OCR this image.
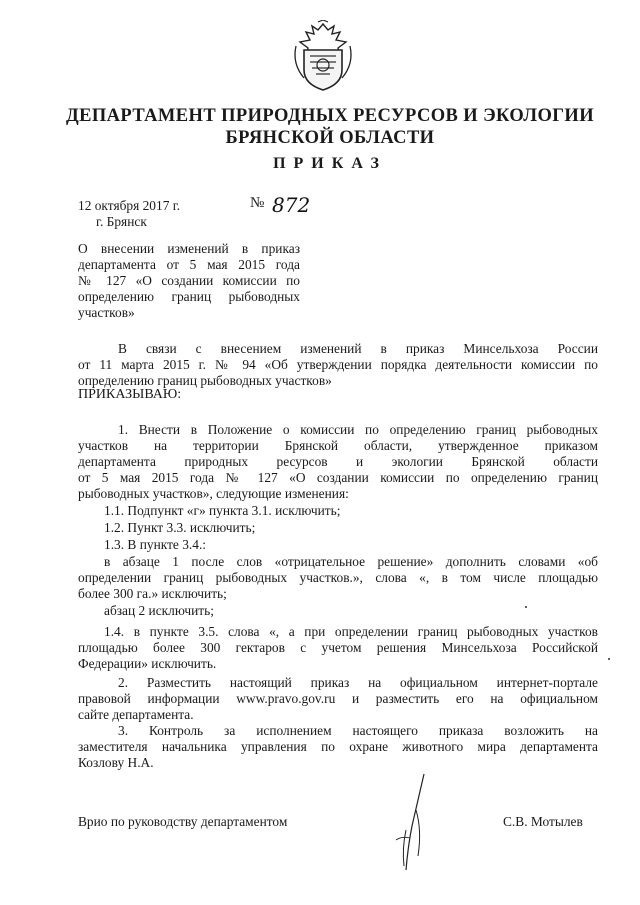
ДЕПАРТАМЕНТ ПРИРОДНЫХ РЕСУРСОВ И ЭКОЛОГИИ
БРЯНСКОЙ ОБЛАСТИ
ПРИКАЗ
12 октября 2017 г.	№ 872
г. Брянск
О внесении изменений в приказ
департамента от 5 мая 2015 года
№ 127 «О создании комиссии по
определению границ рыбоводных
участков»
В связи с внесением изменений в приказ Минсельхоза России
от 11 марта 2015 г. № 94 «Об утверждении порядка деятельности комиссии по
определению границ рыбоводных участков»
ПРИКАЗЫВАЮ:
1. Внести в Положение о комиссии по определению границ рыбоводных
участков на территории Брянской области, утвержденное приказом
департамента природных ресурсов и экологии Брянской области
от 5 мая 2015 года № 127 «О создании комиссии по определению границ
рыбоводных участков», следующие изменения:
1.1. Подпункт «г» пункта 3.1. исключить;
1.2. Пункт 3.3. исключить;
1.3. В пункте 3.4.:
в абзаце 1 после слов «отрицательное решение» дополнить словами «об
определении границ рыбоводных участков.», слова «, в том числе площадью
более 300 га.» исключить;
абзац 2 исключить;
1.4. в пункте 3.5. слова «, а при определении границ рыбоводных участков
площадью более 300 гектаров с учетом решения Минсельхоза Российской
Федерации» исключить.
2. Разместить настоящий приказ на официальном интернет-портале
правовой информации www.pravo.gov.ru и разместить его на официальном
сайте департамента.
3. Контроль за исполнением настоящего приказа возложить на
заместителя начальника управления по охране животного мира департамента
Козлову Н.А.
Врио по руководству департаментом	С.В. Мотылев
